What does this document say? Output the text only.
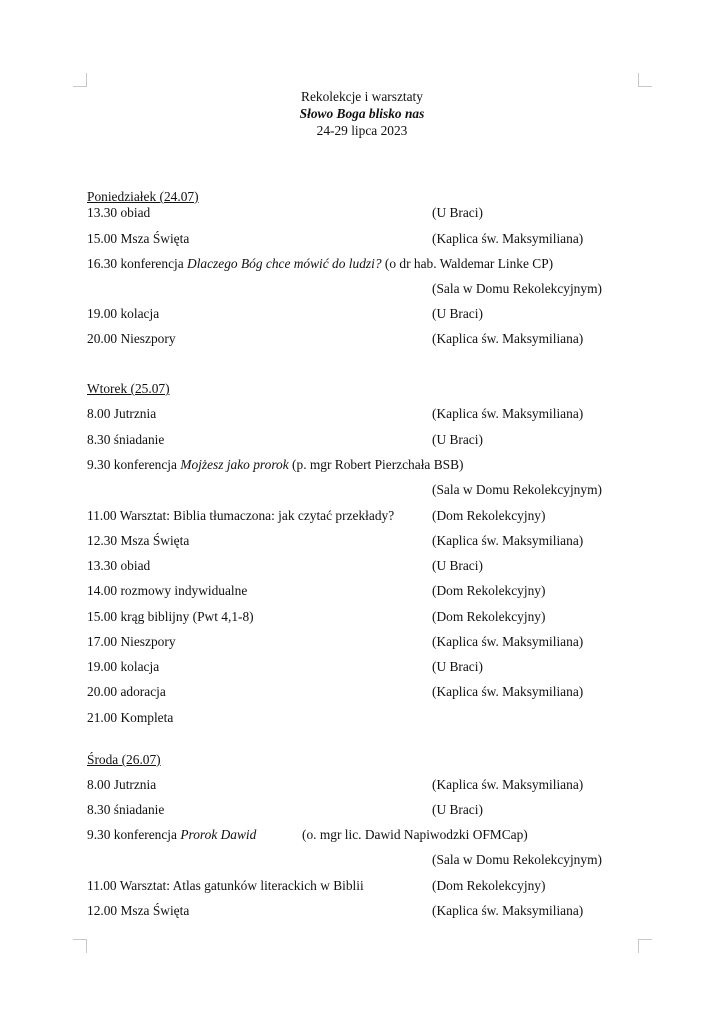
Rekolekcje i warsztaty
Słowo Boga blisko nas
24-29 lipca 2023
Poniedziałek (24.07)
13.30 obiad	(U Braci)
15.00 Msza Święta	(Kaplica św. Maksymiliana)
16.30 konferencja Dlaczego Bóg chce mówić do ludzi? (o dr hab. Waldemar Linke CP)
(Sala w Domu Rekolekcyjnym)
19.00 kolacja	(U Braci)
20.00 Nieszpory	(Kaplica św. Maksymiliana)
Wtorek (25.07)
8.00 Jutrznia	(Kaplica św. Maksymiliana)
8.30 śniadanie	(U Braci)
9.30 konferencja Mojżesz jako prorok (p. mgr Robert Pierzchała BSB)
(Sala w Domu Rekolekcyjnym)
11.00 Warsztat: Biblia tłumaczona: jak czytać przekłady?	(Dom Rekolekcyjny)
12.30 Msza Święta	(Kaplica św. Maksymiliana)
13.30 obiad	(U Braci)
14.00 rozmowy indywidualne	(Dom Rekolekcyjny)
15.00 krąg biblijny (Pwt 4,1-8)	(Dom Rekolekcyjny)
17.00 Nieszpory	(Kaplica św. Maksymiliana)
19.00 kolacja	(U Braci)
20.00 adoracja	(Kaplica św. Maksymiliana)
21.00 Kompleta
Środa (26.07)
8.00 Jutrznia	(Kaplica św. Maksymiliana)
8.30 śniadanie	(U Braci)
9.30 konferencja Prorok Dawid	(o. mgr lic. Dawid Napiwodzki OFMCap)
(Sala w Domu Rekolekcyjnym)
11.00 Warsztat: Atlas gatunków literackich w Biblii	(Dom Rekolekcyjny)
12.00 Msza Święta	(Kaplica św. Maksymiliana)
